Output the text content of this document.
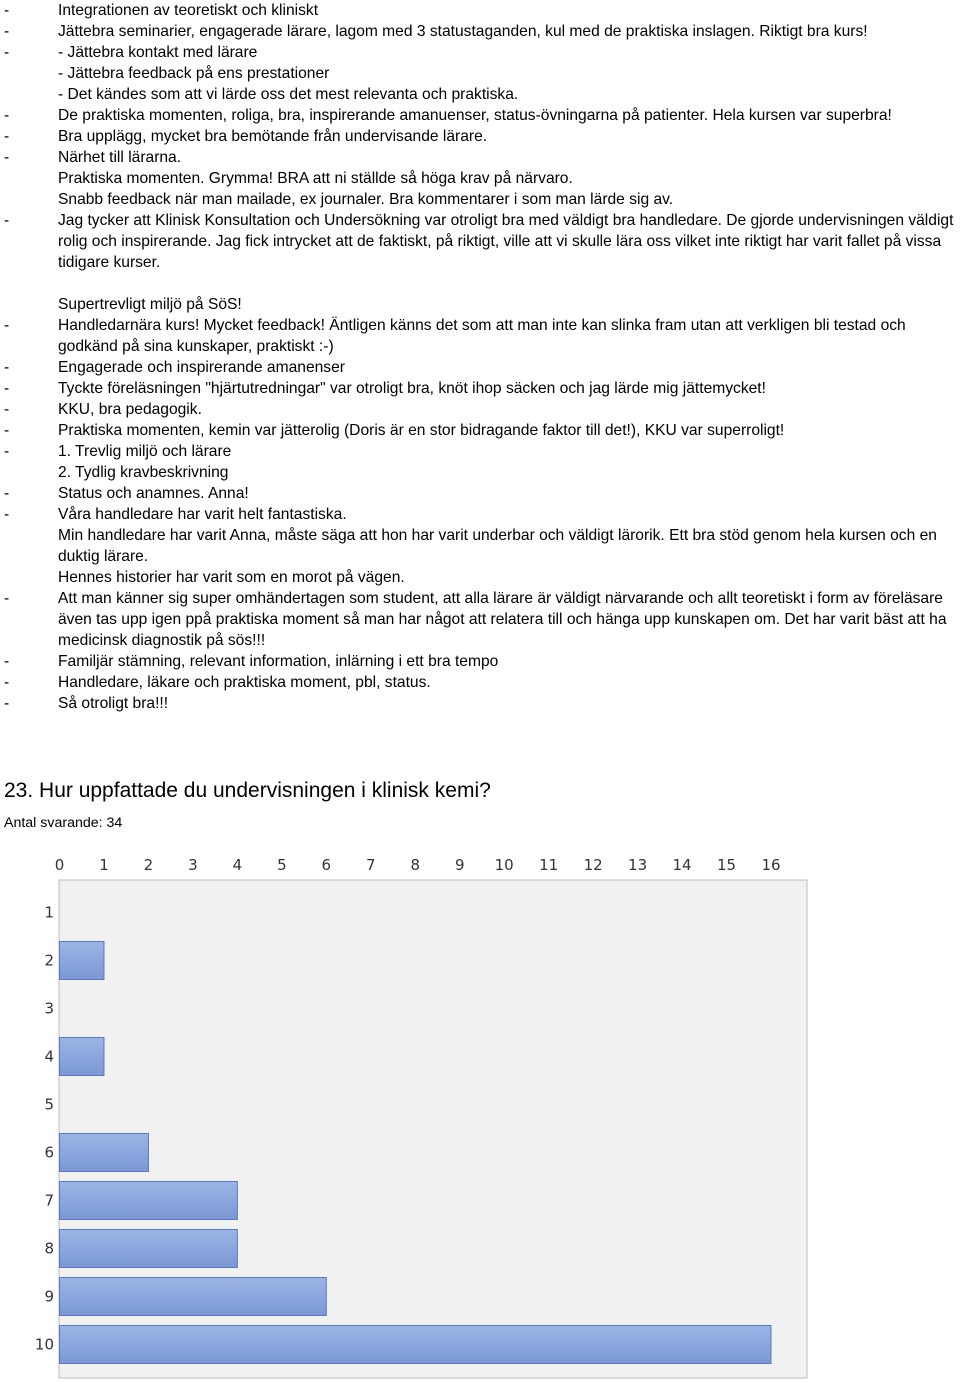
-	Integrationen av teoretiskt och kliniskt
-	Jättebra seminarier, engagerade lärare, lagom med 3 statustaganden, kul med de praktiska inslagen. Riktigt bra kurs!
-	- Jättebra kontakt med lärare
- Jättebra feedback på ens prestationer
- Det kändes som att vi lärde oss det mest relevanta och praktiska.
-	De praktiska momenten, roliga, bra, inspirerande amanuenser, status-övningarna på patienter. Hela kursen var superbra!
-	Bra upplägg, mycket bra bemötande från undervisande lärare.
-	Närhet till lärarna.
Praktiska momenten. Grymma! BRA att ni ställde så höga krav på närvaro.
Snabb feedback när man mailade, ex journaler. Bra kommentarer i som man lärde sig av.
-	Jag tycker att Klinisk Konsultation och Undersökning var otroligt bra med väldigt bra handledare. De gjorde undervisningen väldigt rolig och inspirerande. Jag fick intrycket att de faktiskt, på riktigt, ville att vi skulle lära oss vilket inte riktigt har varit fallet på vissa tidigare kurser.
Supertrevligt miljö på SöS!
-	Handledarnära kurs! Mycket feedback! Äntligen känns det som att man inte kan slinka fram utan att verkligen bli testad och godkänd på sina kunskaper, praktiskt :-)
-	Engagerade och inspirerande amanenser
-	Tyckte föreläsningen "hjärtutredningar" var otroligt bra, knöt ihop säcken och jag lärde mig jättemycket!
-	KKU, bra pedagogik.
-	Praktiska momenten, kemin var jätterolig (Doris är en stor bidragande faktor till det!), KKU var superroligt!
-	1. Trevlig miljö och lärare
2. Tydlig kravbeskrivning
-	Status och anamnes. Anna!
-	Våra handledare har varit helt fantastiska.
Min handledare har varit Anna, måste säga att hon har varit underbar och väldigt lärorik. Ett bra stöd genom hela kursen och en duktig lärare.
Hennes historier har varit som en morot på vägen.
-	Att man känner sig super omhändertagen som student, att alla lärare är väldigt närvarande och allt teoretiskt i form av föreläsare även tas upp igen ppå praktiska moment så man har något att relatera till och hänga upp kunskapen om. Det har varit bäst att ha medicinsk diagnostik på sös!!!
-	Familjär stämning, relevant information, inlärning i ett bra tempo
-	Handledare, läkare och praktiska moment, pbl, status.
-	Så otroligt bra!!!
23. Hur uppfattade du undervisningen i klinisk kemi?
Antal svarande: 34
0 1 2 3 4 5 6 7 8 9 10 11 12 13 14 15 16
1
2
3
4
5
6
7
8
9
10
